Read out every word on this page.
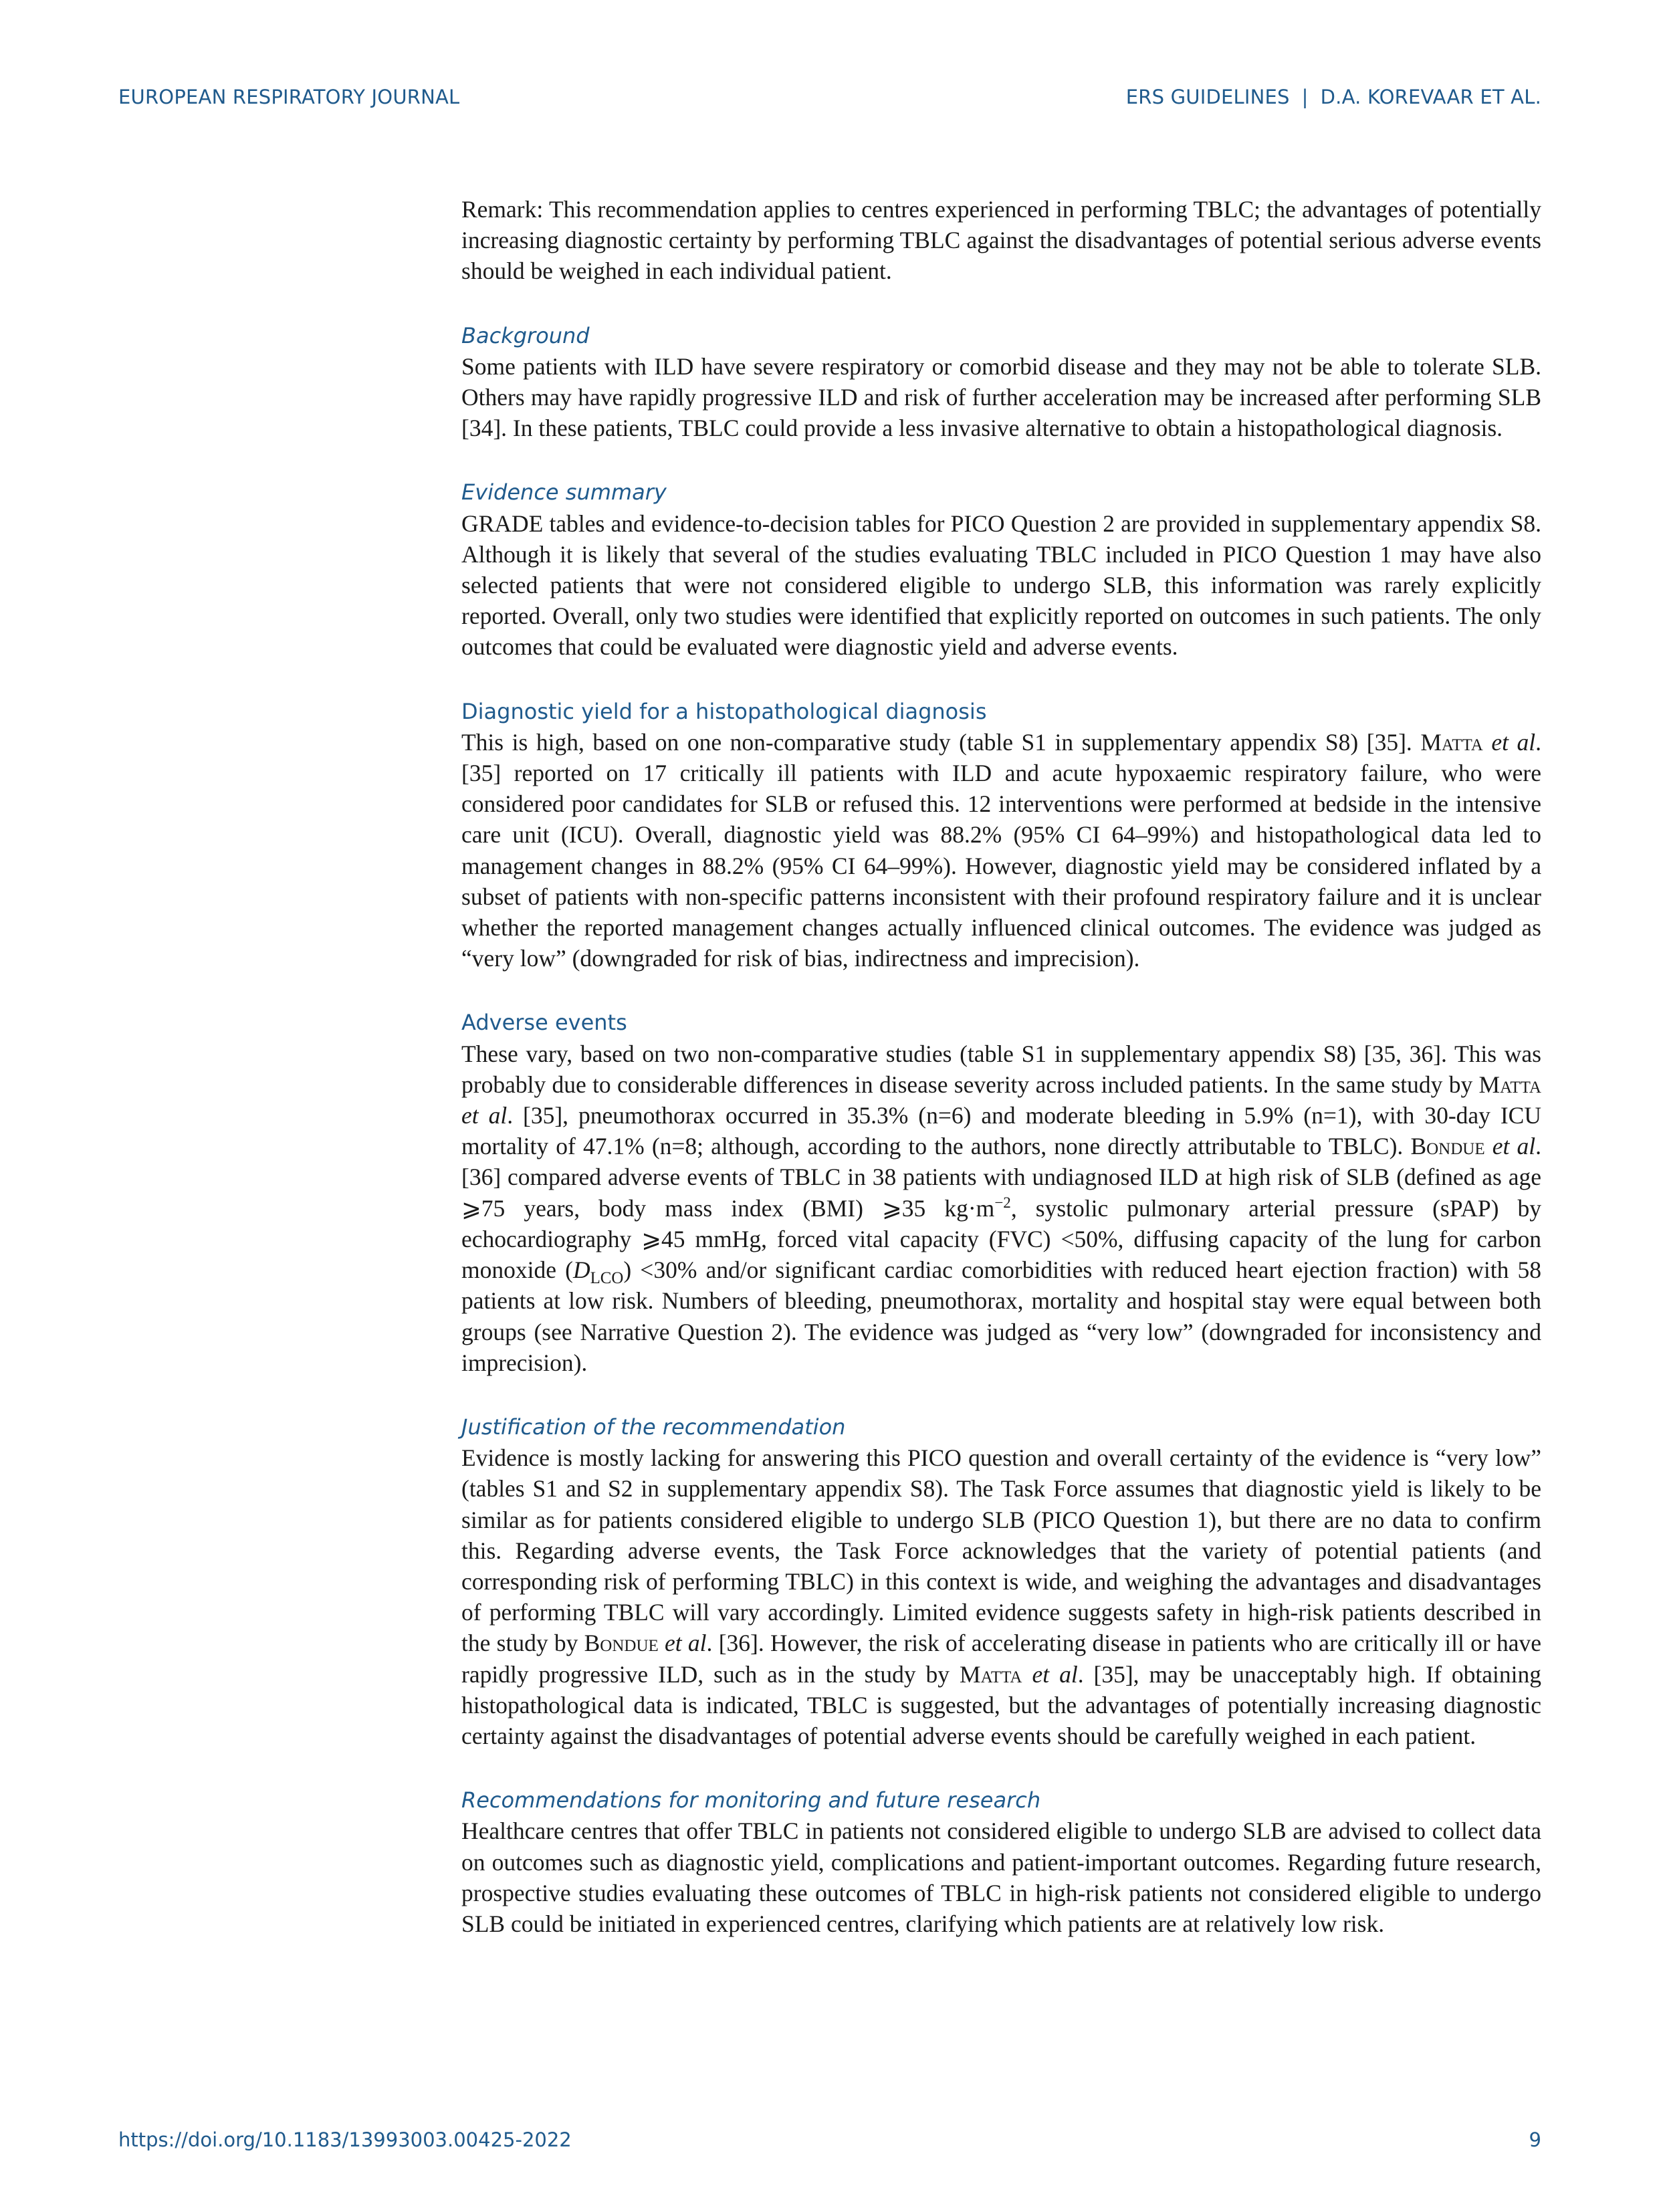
EUROPEAN RESPIRATORY JOURNAL	ERS GUIDELINES | D.A. KOREVAAR ET AL.

Remark: This recommendation applies to centres experienced in performing TBLC; the advantages of potentially increasing diagnostic certainty by performing TBLC against the disadvantages of potential serious adverse events should be weighed in each individual patient.

Background

Some patients with ILD have severe respiratory or comorbid disease and they may not be able to tolerate SLB. Others may have rapidly progressive ILD and risk of further acceleration may be increased after performing SLB [34]. In these patients, TBLC could provide a less invasive alternative to obtain a histopathological diagnosis.

Evidence summary

GRADE tables and evidence-to-decision tables for PICO Question 2 are provided in supplementary appendix S8. Although it is likely that several of the studies evaluating TBLC included in PICO Question 1 may have also selected patients that were not considered eligible to undergo SLB, this information was rarely explicitly reported. Overall, only two studies were identified that explicitly reported on outcomes in such patients. The only outcomes that could be evaluated were diagnostic yield and adverse events.

Diagnostic yield for a histopathological diagnosis

This is high, based on one non-comparative study (table S1 in supplementary appendix S8) [35]. Matta et al. [35] reported on 17 critically ill patients with ILD and acute hypoxaemic respiratory failure, who were considered poor candidates for SLB or refused this. 12 interventions were performed at bedside in the intensive care unit (ICU). Overall, diagnostic yield was 88.2% (95% CI 64–99%) and histopathological data led to management changes in 88.2% (95% CI 64–99%). However, diagnostic yield may be considered inflated by a subset of patients with non-specific patterns inconsistent with their profound respiratory failure and it is unclear whether the reported management changes actually influenced clinical outcomes. The evidence was judged as “very low” (downgraded for risk of bias, indirectness and imprecision).

Adverse events

These vary, based on two non-comparative studies (table S1 in supplementary appendix S8) [35, 36]. This was probably due to considerable differences in disease severity across included patients. In the same study by Matta et al. [35], pneumothorax occurred in 35.3% (n=6) and moderate bleeding in 5.9% (n=1), with 30-day ICU mortality of 47.1% (n=8; although, according to the authors, none directly attributable to TBLC). Bondue et al. [36] compared adverse events of TBLC in 38 patients with undiagnosed ILD at high risk of SLB (defined as age ⩾75 years, body mass index (BMI) ⩾35 $kg\cdot m^{-2}$, systolic pulmonary arterial pressure (sPAP) by echocardiography ⩾45 mmHg, forced vital capacity (FVC) <50%, diffusing capacity of the lung for carbon monoxide $(D_{LCO}) <30\%$ and/or significant cardiac comorbidities with reduced heart ejection fraction) with 58 patients at low risk. Numbers of bleeding, pneumothorax, mortality and hospital stay were equal between both groups (see Narrative Question 2). The evidence was judged as “very low” (downgraded for inconsistency and imprecision).

Justification of the recommendation

Evidence is mostly lacking for answering this PICO question and overall certainty of the evidence is “very low” (tables S1 and S2 in supplementary appendix S8). The Task Force assumes that diagnostic yield is likely to be similar as for patients considered eligible to undergo SLB (PICO Question 1), but there are no data to confirm this. Regarding adverse events, the Task Force acknowledges that the variety of potential patients (and corresponding risk of performing TBLC) in this context is wide, and weighing the advantages and disadvantages of performing TBLC will vary accordingly. Limited evidence suggests safety in high-risk patients described in the study by Bondue et al. [36]. However, the risk of accelerating disease in patients who are critically ill or have rapidly progressive ILD, such as in the study by Matta et al. [35], may be unacceptably high. If obtaining histopathological data is indicated, TBLC is suggested, but the advantages of potentially increasing diagnostic certainty against the disadvantages of potential adverse events should be carefully weighed in each patient.

Recommendations for monitoring and future research

Healthcare centres that offer TBLC in patients not considered eligible to undergo SLB are advised to collect data on outcomes such as diagnostic yield, complications and patient-important outcomes. Regarding future research, prospective studies evaluating these outcomes of TBLC in high-risk patients not considered eligible to undergo SLB could be initiated in experienced centres, clarifying which patients are at relatively low risk.

https://doi.org/10.1183/13993003.00425-2022	9
